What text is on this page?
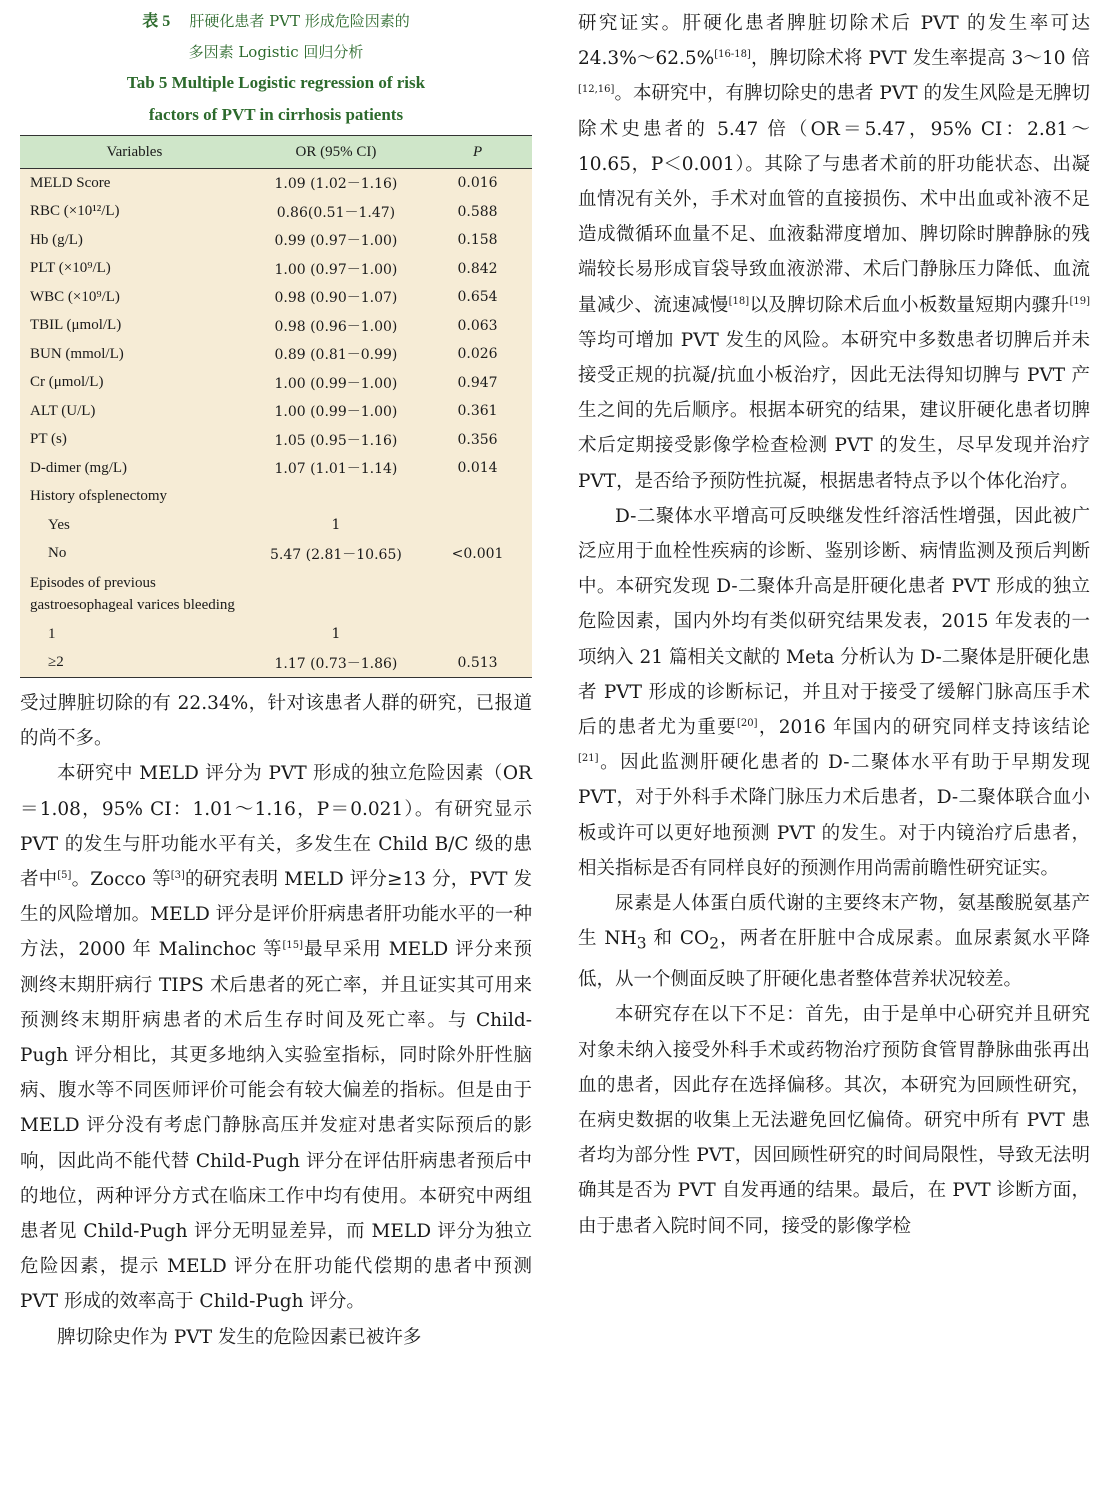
表 5 肝硬化患者 PVT 形成危险因素的
多因素 Logistic 回归分析
Tab 5 Multiple Logistic regression of risk
factors of PVT in cirrhosis patients
Variables	OR (95% CI)	P
MELD Score	1.09 (1.02－1.16)	0.016
RBC (×10¹²/L)	0.86(0.51－1.47)	0.588
Hb (g/L)	0.99 (0.97－1.00)	0.158
PLT (×10⁹/L)	1.00 (0.97－1.00)	0.842
WBC (×10⁹/L)	0.98 (0.90－1.07)	0.654
TBIL (μmol/L)	0.98 (0.96－1.00)	0.063
BUN (mmol/L)	0.89 (0.81－0.99)	0.026
Cr (μmol/L)	1.00 (0.99－1.00)	0.947
ALT (U/L)	1.00 (0.99－1.00)	0.361
PT (s)	1.05 (0.95－1.16)	0.356
D-dimer (mg/L)	1.07 (1.01－1.14)	0.014
History ofsplenectomy		
Yes	1	
No	5.47 (2.81－10.65)	<0.001
Episodes of previous gastroesophageal varices bleeding		
1	1	
≥2	1.17 (0.73－1.86)	0.513

受过脾脏切除的有 22.34%，针对该患者人群的研究，已报道的尚不多。

本研究中 MELD 评分为 PVT 形成的独立危险因素（OR＝1.08，95% CI：1.01～1.16，P＝0.021）。有研究显示 PVT 的发生与肝功能水平有关，多发生在 Child B/C 级的患者中[5]。Zocco 等[3]的研究表明 MELD 评分≥13 分，PVT 发生的风险增加。MELD 评分是评价肝病患者肝功能水平的一种方法，2000 年 Malinchoc 等[15]最早采用 MELD 评分来预测终末期肝病行 TIPS 术后患者的死亡率，并且证实其可用来预测终末期肝病患者的术后生存时间及死亡率。与 Child-Pugh 评分相比，其更多地纳入实验室指标，同时除外肝性脑病、腹水等不同医师评价可能会有较大偏差的指标。但是由于 MELD 评分没有考虑门静脉高压并发症对患者实际预后的影响，因此尚不能代替 Child-Pugh 评分在评估肝病患者预后中的地位，两种评分方式在临床工作中均有使用。本研究中两组患者见 Child-Pugh 评分无明显差异，而 MELD 评分为独立危险因素，提示 MELD 评分在肝功能代偿期的患者中预测 PVT 形成的效率高于 Child-Pugh 评分。

脾切除史作为 PVT 发生的危险因素已被许多

研究证实。肝硬化患者脾脏切除术后 PVT 的发生率可达 24.3%～62.5%[16-18]，脾切除术将 PVT 发生率提高 3～10 倍[12,16]。本研究中，有脾切除史的患者 PVT 的发生风险是无脾切除术史患者的 5.47 倍（OR＝5.47，95% CI：2.81～10.65，P＜0.001）。其除了与患者术前的肝功能状态、出凝血情况有关外，手术对血管的直接损伤、术中出血或补液不足造成微循环血量不足、血液黏滞度增加、脾切除时脾静脉的残端较长易形成盲袋导致血液淤滞、术后门静脉压力降低、血流量减少、流速减慢[18]以及脾切除术后血小板数量短期内骤升[19]等均可增加 PVT 发生的风险。本研究中多数患者切脾后并未接受正规的抗凝/抗血小板治疗，因此无法得知切脾与 PVT 产生之间的先后顺序。根据本研究的结果，建议肝硬化患者切脾术后定期接受影像学检查检测 PVT 的发生，尽早发现并治疗 PVT，是否给予预防性抗凝，根据患者特点予以个体化治疗。

D-二聚体水平增高可反映继发性纤溶活性增强，因此被广泛应用于血栓性疾病的诊断、鉴别诊断、病情监测及预后判断中。本研究发现 D-二聚体升高是肝硬化患者 PVT 形成的独立危险因素，国内外均有类似研究结果发表，2015 年发表的一项纳入 21 篇相关文献的 Meta 分析认为 D-二聚体是肝硬化患者 PVT 形成的诊断标记，并且对于接受了缓解门脉高压手术后的患者尤为重要[20]，2016 年国内的研究同样支持该结论[21]。因此监测肝硬化患者的 D-二聚体水平有助于早期发现 PVT，对于外科手术降门脉压力术后患者，D-二聚体联合血小板或许可以更好地预测 PVT 的发生。对于内镜治疗后患者，相关指标是否有同样良好的预测作用尚需前瞻性研究证实。

尿素是人体蛋白质代谢的主要终末产物，氨基酸脱氨基产生 $NH_3$ 和 $CO_2$，两者在肝脏中合成尿素。血尿素氮水平降低，从一个侧面反映了肝硬化患者整体营养状况较差。

本研究存在以下不足：首先，由于是单中心研究并且研究对象未纳入接受外科手术或药物治疗预防食管胃静脉曲张再出血的患者，因此存在选择偏移。其次，本研究为回顾性研究，在病史数据的收集上无法避免回忆偏倚。研究中所有 PVT 患者均为部分性 PVT，因回顾性研究的时间局限性，导致无法明确其是否为 PVT 自发再通的结果。最后，在 PVT 诊断方面，由于患者入院时间不同，接受的影像学检
